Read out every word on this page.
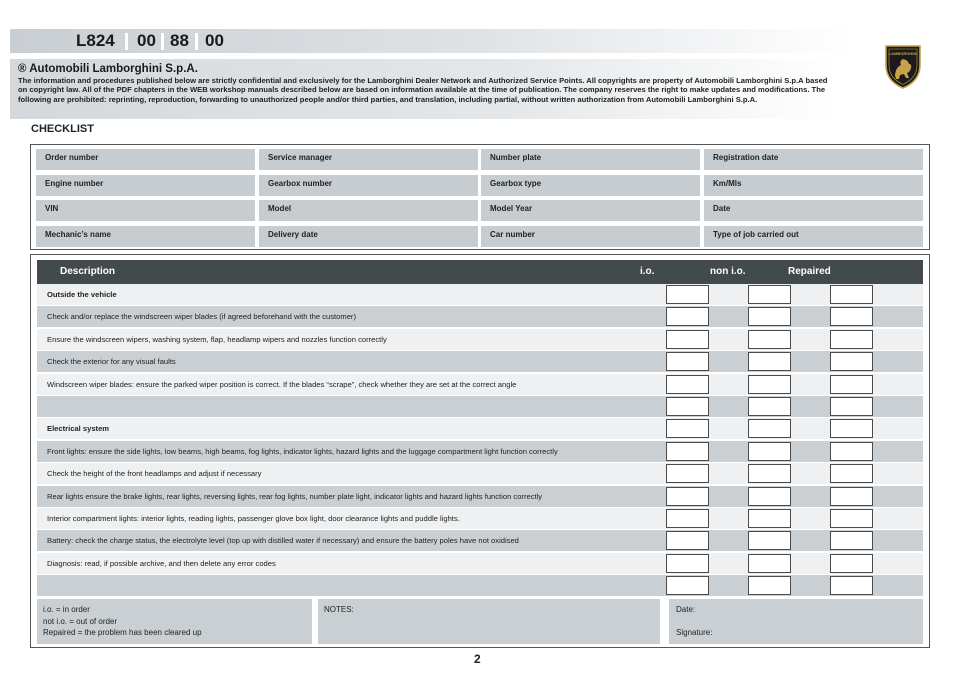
L824 00 88 00
LAMBORGHINI
® Automobili Lamborghini S.p.A.
The information and procedures published below are strictly confidential and exclusively for the Lamborghini Dealer Network and Authorized Service Points. All copyrights are property of Automobili Lamborghini S.p.A based on copyright law. All of the PDF chapters in the WEB workshop manuals described below are based on information available at the time of publication. The company reserves the right to make updates and modifications. The following are prohibited: reprinting, reproduction, forwarding to unauthorized people and/or third parties, and translation, including partial, without written authorization from Automobili Lamborghini S.p.A.
CHECKLIST
Order number	Service manager	Number plate	Registration date
Engine number	Gearbox number	Gearbox type	Km/Mls
VIN	Model	Model Year	Date
Mechanic’s name	Delivery date	Car number	Type of job carried out
Description	i.o.	non i.o.	Repaired
Outside the vehicle
Check and/or replace the windscreen wiper blades (if agreed beforehand with the customer)
Ensure the windscreen wipers, washing system, flap, headlamp wipers and nozzles function correctly
Check the exterior for any visual faults
Windscreen wiper blades: ensure the parked wiper position is correct. If the blades “scrape”, check whether they are set at the correct angle
Electrical system
Front lights: ensure the side lights, low beams, high beams, fog lights, indicator lights, hazard lights and the luggage compartment light function correctly
Check the height of the front headlamps and adjust if necessary
Rear lights ensure the brake lights, rear lights, reversing lights, rear fog lights, number plate light, indicator lights and hazard lights function correctly
Interior compartment lights: interior lights, reading lights, passenger glove box light, door clearance lights and puddle lights.
Battery: check the charge status, the electrolyte level (top up with distilled water if necessary) and ensure the battery poles have not oxidised
Diagnosis: read, if possible archive, and then delete any error codes
i.o. = in order
not i.o. = out of order
Repaired = the problem has been cleared up
NOTES:	Date:
Signature:
2
